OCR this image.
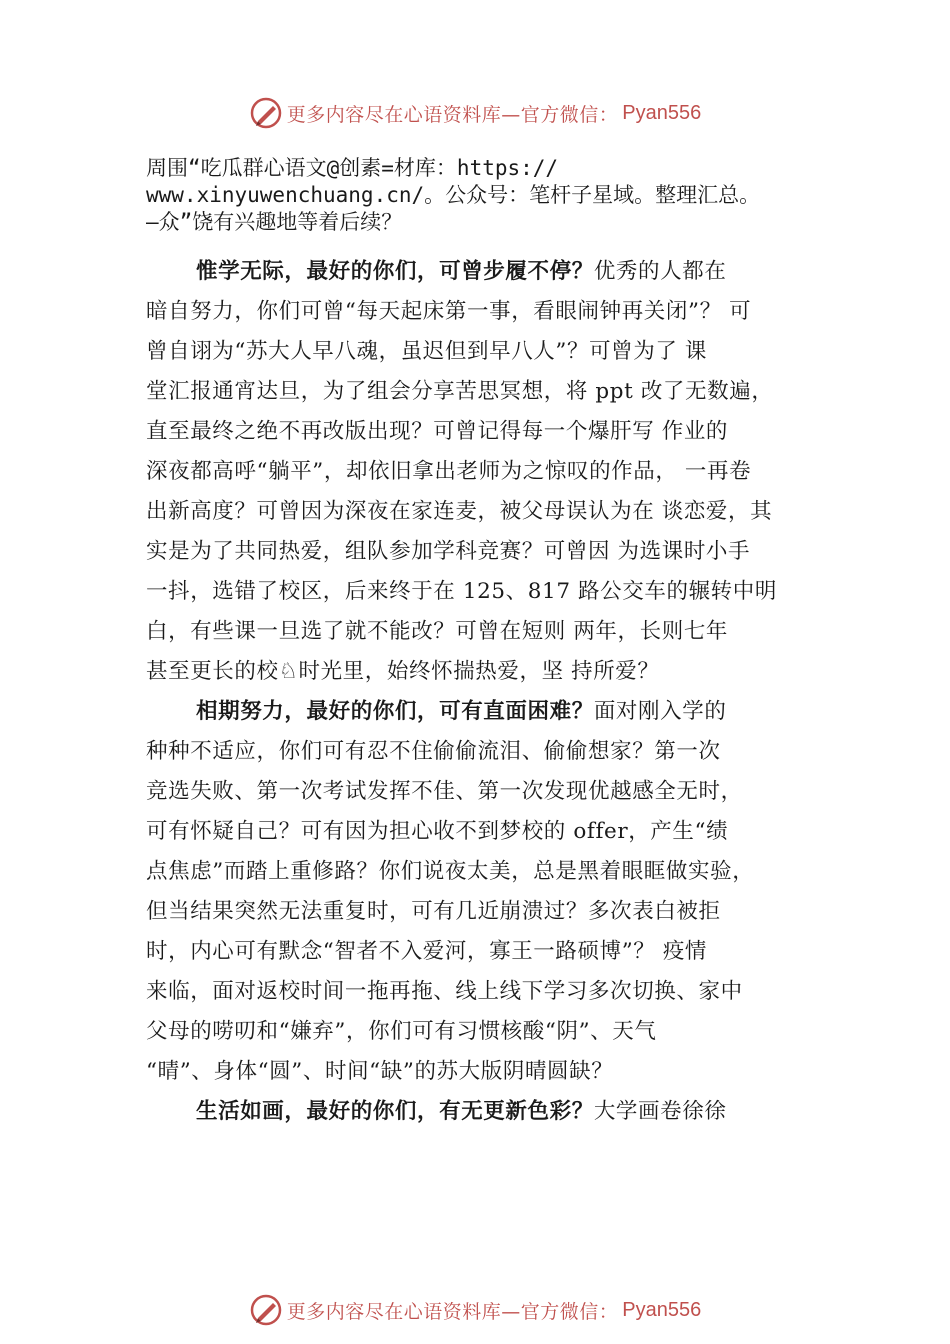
更多内容尽在心语资料库—官方微信： Pyan556
周围“吃瓜群心语文@创素=材库：https://
www.xinyuwenchuang.cn/。公众号：笔杆子星域。整理汇总。
—众”饶有兴趣地等着后续？
惟学无际，最好的你们，可曾步履不停？优秀的人都在
暗自努力，你们可曾“每天起床第一事，看眼闹钟再关闭”？ 可
曾自诩为“苏大人早八魂，虽迟但到早八人”？可曾为了 课
堂汇报通宵达旦，为了组会分享苦思冥想，将 ppt 改了无数遍，
直至最终之绝不再改版出现？可曾记得每一个爆肝写 作业的
深夜都高呼“躺平”，却依旧拿出老师为之惊叹的作品， 一再卷
出新高度？可曾因为深夜在家连麦，被父母误认为在 谈恋爱，其
实是为了共同热爱，组队参加学科竞赛？可曾因 为选课时小手
一抖，选错了校区，后来终于在 125、817 路公交车的辗转中明
白，有些课一旦选了就不能改？可曾在短则 两年，长则七年
甚至更长的校♘时光里，始终怀揣热爱，坚 持所爱？
相期努力，最好的你们，可有直面困难？面对刚入学的
种种不适应，你们可有忍不住偷偷流泪、偷偷想家？第一次
竞选失败、第一次考试发挥不佳、第一次发现优越感全无时，
可有怀疑自己？可有因为担心收不到梦校的 offer，产生“绩
点焦虑”而踏上重修路？你们说夜太美，总是黑着眼眶做实验，
但当结果突然无法重复时，可有几近崩溃过？多次表白被拒
时，内心可有默念“智者不入爱河，寡王一路硕博”？ 疫情
来临，面对返校时间一拖再拖、线上线下学习多次切换、家中
父母的唠叨和“嫌弃”，你们可有习惯核酸“阴”、天气
“晴”、身体“圆”、时间“缺”的苏大版阴晴圆缺？
生活如画，最好的你们，有无更新色彩？大学画卷徐徐
更多内容尽在心语资料库—官方微信： Pyan556
